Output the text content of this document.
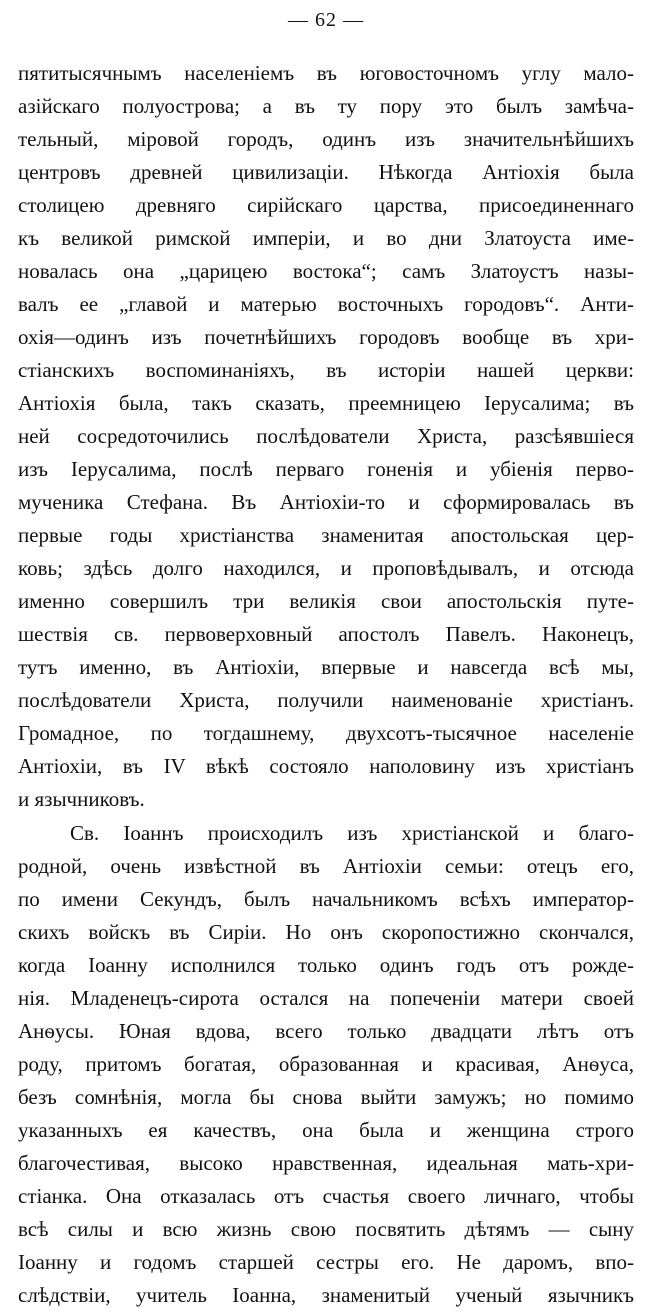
— 62 —
пятитысячнымъ населеніемъ въ юговосточномъ углу мало-
азійскаго полуострова; а въ ту пору это былъ замѣча-
тельный, міровой городъ, одинъ изъ значительнѣйшихъ
центровъ древней цивилизаціи. Нѣкогда Антіохія была
столицею древняго сирійскаго царства, присоединеннаго
къ великой римской имперіи, и во дни Златоуста име-
новалась она „царицею востока“; самъ Златоустъ назы-
валъ ее „главой и матерью восточныхъ городовъ“. Анти-
охія—одинъ изъ почетнѣйшихъ городовъ вообще въ хри-
стіанскихъ воспоминаніяхъ, въ исторіи нашей церкви:
Антіохія была, такъ сказать, преемницею Іерусалима; въ
ней сосредоточились послѣдователи Христа, разсѣявшіеся
изъ Іерусалима, послѣ перваго гоненія и убіенія перво-
мученика Стефана. Въ Антіохіи-то и сформировалась въ
первые годы христіанства знаменитая апостольская цер-
ковь; здѣсь долго находился, и проповѣдывалъ, и отсюда
именно совершилъ три великія свои апостольскія путе-
шествія св. первоверховный апостолъ Павелъ. Наконецъ,
тутъ именно, въ Антіохіи, впервые и навсегда всѣ мы,
послѣдователи Христа, получили наименованіе христіанъ.
Громадное, по тогдашнему, двухсотъ-тысячное населеніе
Антіохіи, въ IV вѣкѣ состояло наполовину изъ христіанъ
и язычниковъ.
Св. Іоаннъ происходилъ изъ христіанской и благо-
родной, очень извѣстной въ Антіохіи семьи: отецъ его,
по имени Секундъ, былъ начальникомъ всѣхъ император-
скихъ войскъ въ Сиріи. Но онъ скоропостижно скончался,
когда Іоанну исполнился только одинъ годъ отъ рожде-
нія. Младенецъ-сирота остался на попеченіи матери своей
Анѳусы. Юная вдова, всего только двадцати лѣтъ отъ
роду, притомъ богатая, образованная и красивая, Анѳуса,
безъ сомнѣнія, могла бы снова выйти замужъ; но помимо
указанныхъ ея качествъ, она была и женщина строго
благочестивая, высоко нравственная, идеальная мать-хри-
стіанка. Она отказалась отъ счастья своего личнаго, чтобы
всѣ силы и всю жизнь свою посвятить дѣтямъ — сыну
Іоанну и годомъ старшей сестры его. Не даромъ, впо-
слѣдствіи, учитель Іоанна, знаменитый ученый язычникъ
